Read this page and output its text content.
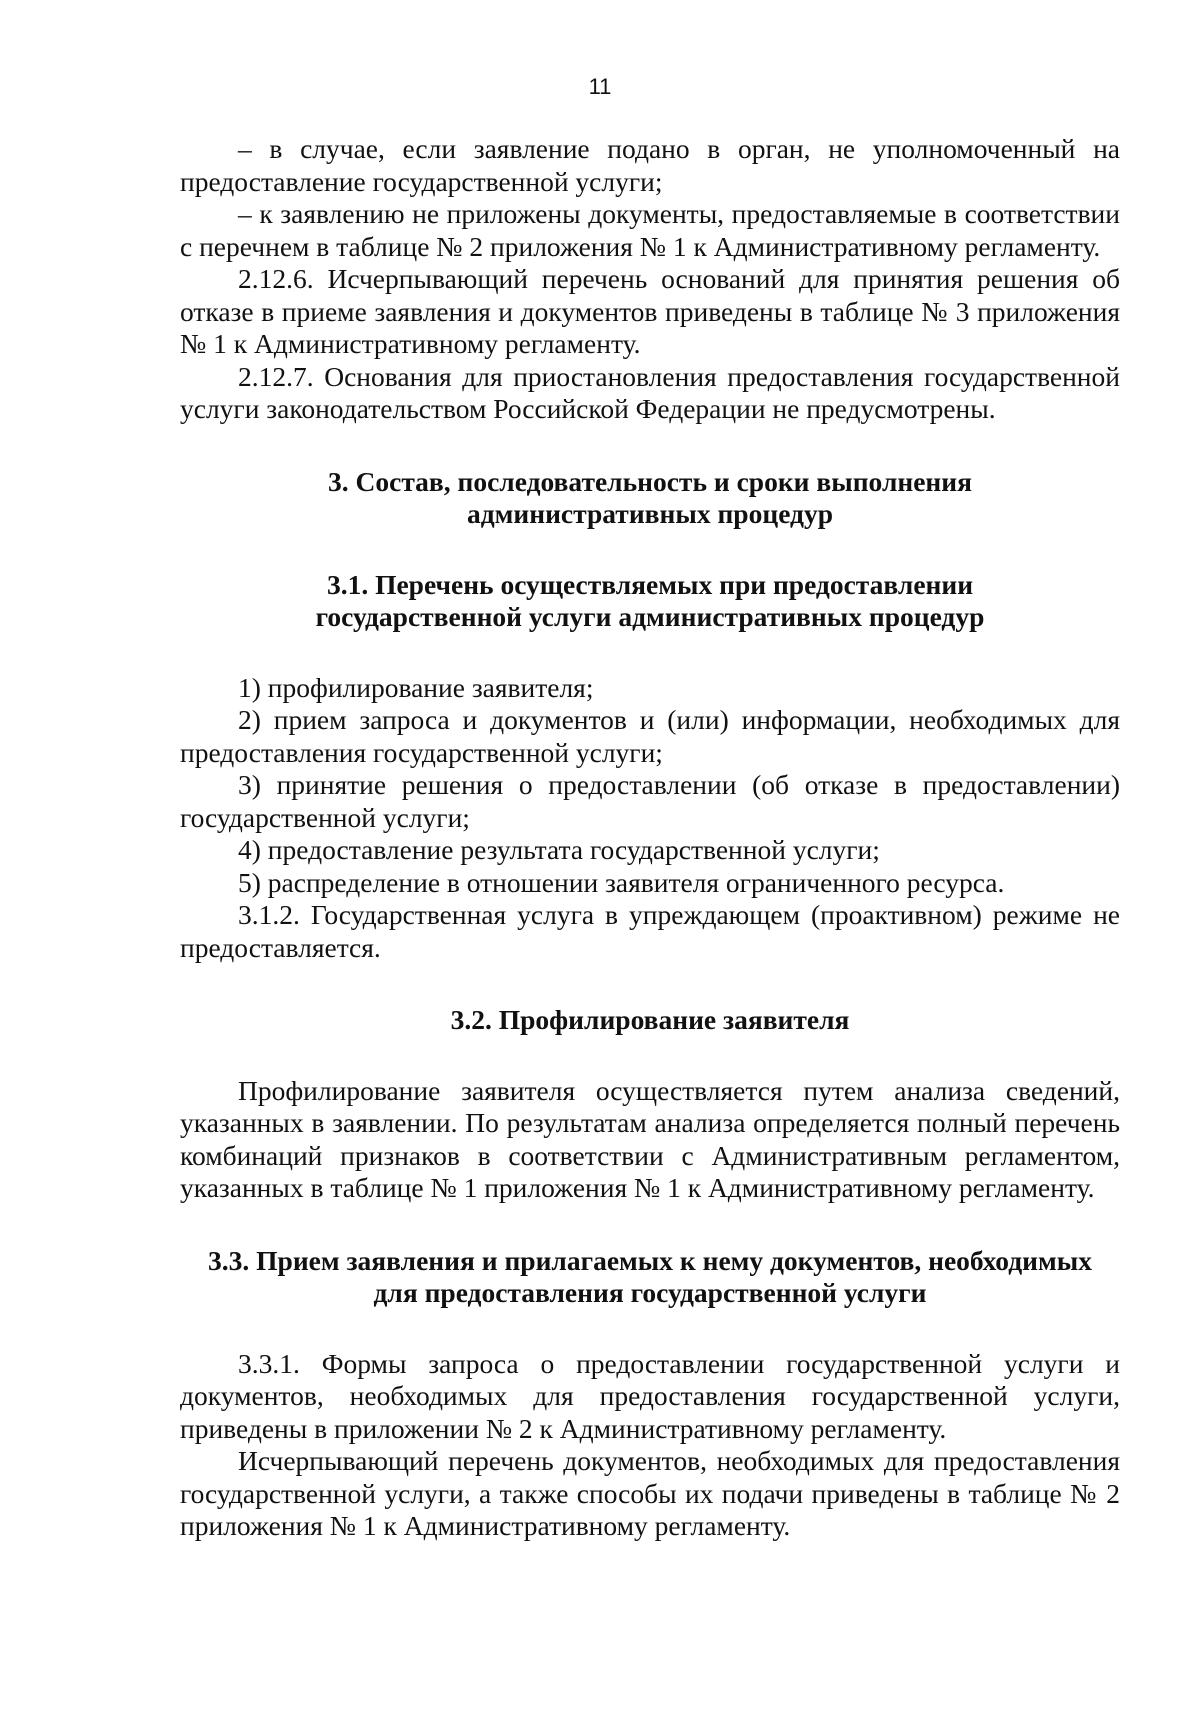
11

– в случае, если заявление подано в орган, не уполномоченный на предоставление государственной услуги;

– к заявлению не приложены документы, предоставляемые в соответствии с перечнем в таблице № 2 приложения № 1 к Административному регламенту.

2.12.6. Исчерпывающий перечень оснований для принятия решения об отказе в приеме заявления и документов приведены в таблице № 3 приложения № 1 к Административному регламенту.

2.12.7. Основания для приостановления предоставления государственной услуги законодательством Российской Федерации не предусмотрены.

3. Состав, последовательность и сроки выполнения
административных процедур
3.1. Перечень осуществляемых при предоставлении
государственной услуги административных процедур

1) профилирование заявителя;

2) прием запроса и документов и (или) информации, необходимых для предоставления государственной услуги;

3) принятие решения о предоставлении (об отказе в предоставлении) государственной услуги;

4) предоставление результата государственной услуги;

5) распределение в отношении заявителя ограниченного ресурса.

3.1.2. Государственная услуга в упреждающем (проактивном) режиме не предоставляется.

3.2. Профилирование заявителя

Профилирование заявителя осуществляется путем анализа сведений, указанных в заявлении. По результатам анализа определяется полный перечень комбинаций признаков в соответствии с Административным регламентом, указанных в таблице № 1 приложения № 1 к Административному регламенту.

3.3. Прием заявления и прилагаемых к нему документов, необходимых
для предоставления государственной услуги

3.3.1. Формы запроса о предоставлении государственной услуги и документов, необходимых для предоставления государственной услуги, приведены в приложении № 2 к Административному регламенту.

Исчерпывающий перечень документов, необходимых для предоставления государственной услуги, а также способы их подачи приведены в таблице № 2 приложения № 1 к Административному регламенту.
